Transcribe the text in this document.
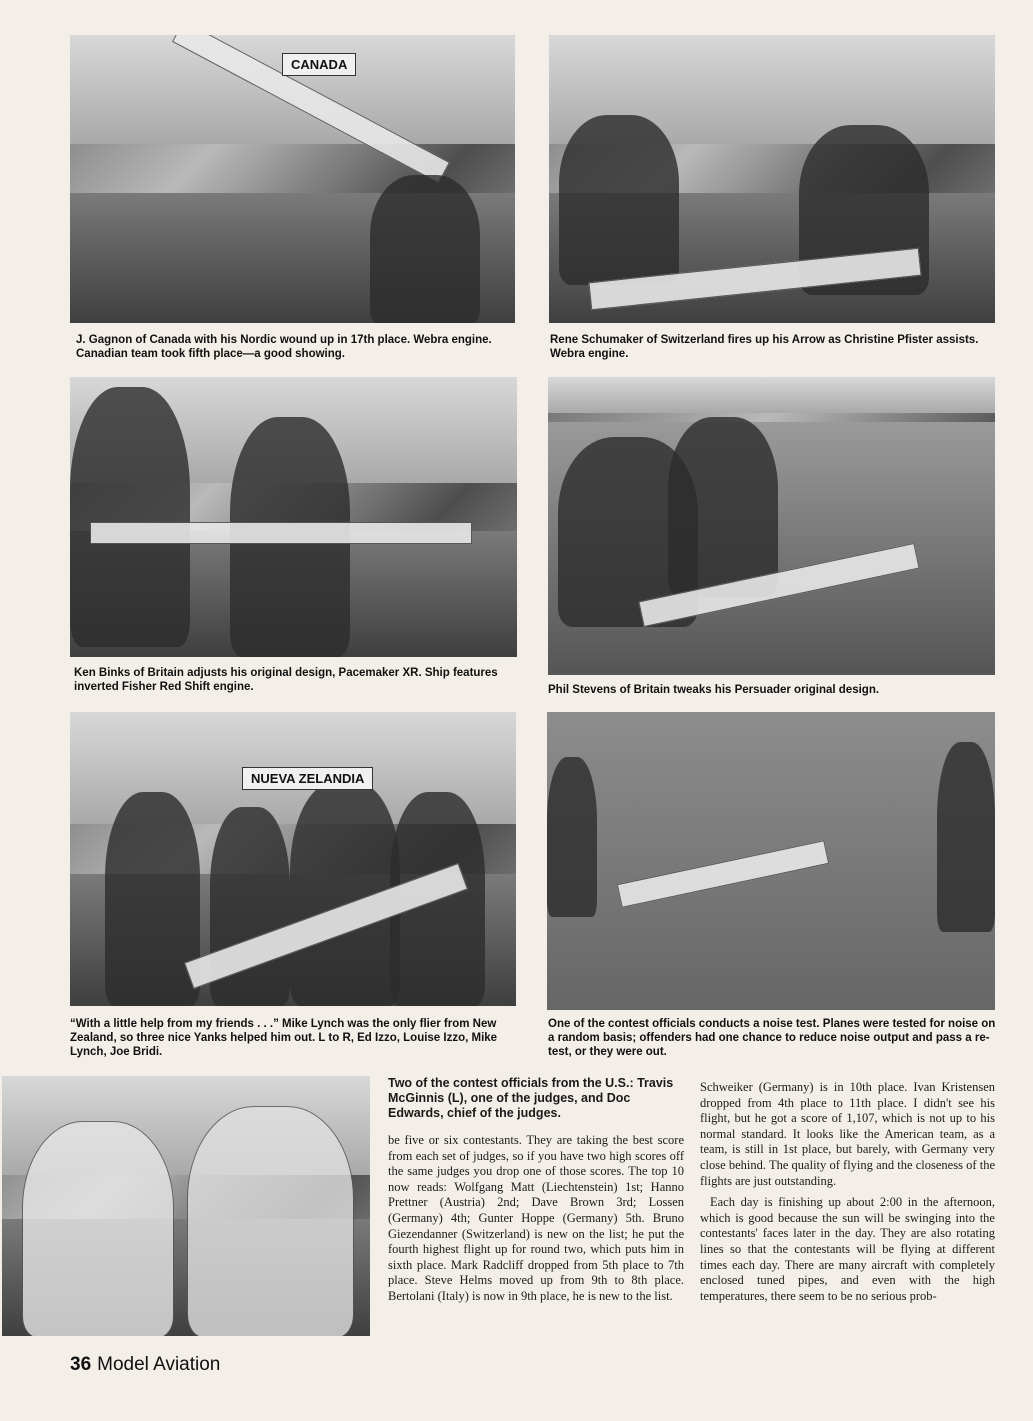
CANADA
J. Gagnon of Canada with his Nordic wound up in 17th place. Webra engine. Canadian team took fifth place—a good showing.
Rene Schumaker of Switzerland fires up his Arrow as Christine Pfister assists. Webra engine.
Ken Binks of Britain adjusts his original design, Pacemaker XR. Ship features inverted Fisher Red Shift engine.	Phil Stevens of Britain tweaks his Persuader original design.
NUEVA ZELANDIA
“With a little help from my friends . . .” Mike Lynch was the only flier from New Zealand, so three nice Yanks helped him out. L to R, Ed Izzo, Louise Izzo, Mike Lynch, Joe Bridi.
One of the contest officials conducts a noise test. Planes were tested for noise on a random basis; offenders had one chance to reduce noise output and pass a re-test, or they were out.
Two of the contest officials from the U.S.: Travis McGinnis (L), one of the judges, and Doc Edwards, chief of the judges.

be five or six contestants. They are taking the best score from each set of judges, so if you have two high scores off the same judges you drop one of those scores. The top 10 now reads: Wolfgang Matt (Liechtenstein) 1st; Hanno Prettner (Austria) 2nd; Dave Brown 3rd; Lossen (Germany) 4th; Gunter Hoppe (Germany) 5th. Bruno Giezendanner (Switzerland) is new on the list; he put the fourth highest flight up for round two, which puts him in sixth place. Mark Radcliff dropped from 5th place to 7th place. Steve Helms moved up from 9th to 8th place. Bertolani (Italy) is now in 9th place, he is new to the list.

Schweiker (Germany) is in 10th place. Ivan Kristensen dropped from 4th place to 11th place. I didn't see his flight, but he got a score of 1,107, which is not up to his normal standard. It looks like the American team, as a team, is still in 1st place, but barely, with Germany very close behind. The quality of flying and the closeness of the flights are just outstanding.

Each day is finishing up about 2:00 in the afternoon, which is good because the sun will be swinging into the contestants' faces later in the day. They are also rotating lines so that the contestants will be flying at different times each day. There are many aircraft with completely enclosed tuned pipes, and even with the high temperatures, there seem to be no serious prob-

36 Model Aviation
